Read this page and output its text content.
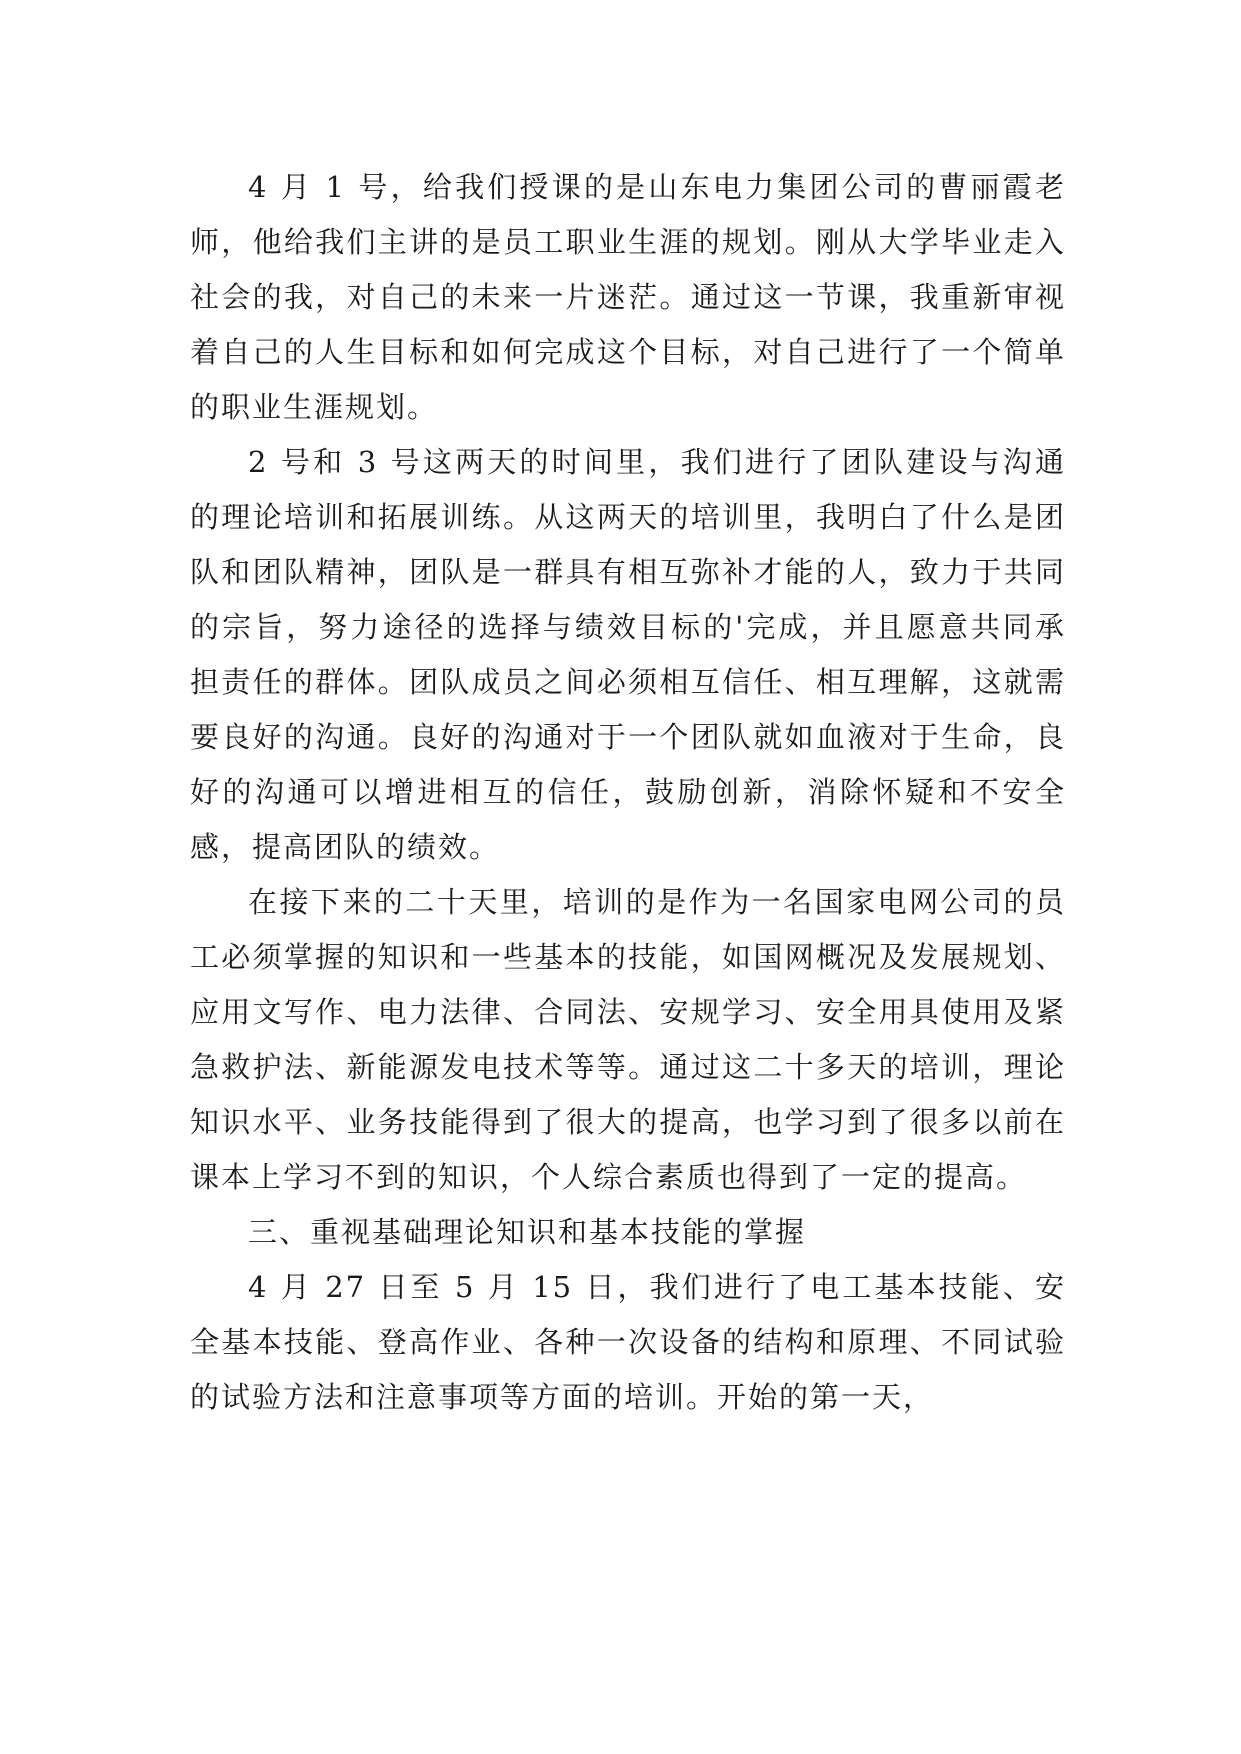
4 月 1 号，给我们授课的是山东电力集团公司的曹丽霞老师，他给我们主讲的是员工职业生涯的规划。刚从大学毕业走入社会的我，对自己的未来一片迷茫。通过这一节课，我重新审视着自己的人生目标和如何完成这个目标，对自己进行了一个简单的职业生涯规划。

2 号和 3 号这两天的时间里，我们进行了团队建设与沟通的理论培训和拓展训练。从这两天的培训里，我明白了什么是团队和团队精神，团队是一群具有相互弥补才能的人，致力于共同的宗旨，努力途径的选择与绩效目标的'完成，并且愿意共同承担责任的群体。团队成员之间必须相互信任、相互理解，这就需要良好的沟通。良好的沟通对于一个团队就如血液对于生命，良好的沟通可以增进相互的信任，鼓励创新，消除怀疑和不安全感，提高团队的绩效。

在接下来的二十天里，培训的是作为一名国家电网公司的员工必须掌握的知识和一些基本的技能，如国网概况及发展规划、应用文写作、电力法律、合同法、安规学习、安全用具使用及紧急救护法、新能源发电技术等等。通过这二十多天的培训，理论知识水平、业务技能得到了很大的提高，也学习到了很多以前在课本上学习不到的知识，个人综合素质也得到了一定的提高。

三、重视基础理论知识和基本技能的掌握

4 月 27 日至 5 月 15 日，我们进行了电工基本技能、安全基本技能、登高作业、各种一次设备的结构和原理、不同试验的试验方法和注意事项等方面的培训。开始的第一天，
